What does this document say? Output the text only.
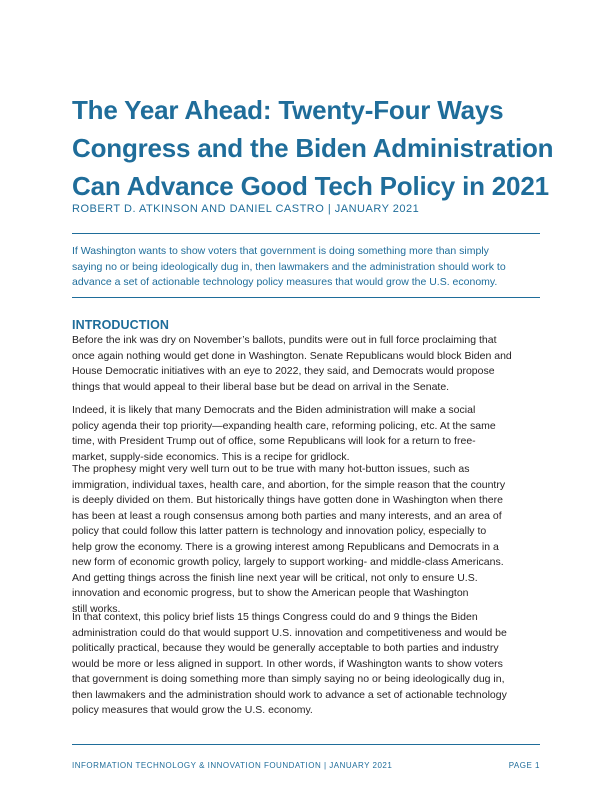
The Year Ahead: Twenty-Four Ways
Congress and the Biden Administration
Can Advance Good Tech Policy in 2021
ROBERT D. ATKINSON AND DANIEL CASTRO | JANUARY 2021
If Washington wants to show voters that government is doing something more than simply
saying no or being ideologically dug in, then lawmakers and the administration should work to
advance a set of actionable technology policy measures that would grow the U.S. economy.
INTRODUCTION
Before the ink was dry on November’s ballots, pundits were out in full force proclaiming that
once again nothing would get done in Washington. Senate Republicans would block Biden and
House Democratic initiatives with an eye to 2022, they said, and Democrats would propose
things that would appeal to their liberal base but be dead on arrival in the Senate.
Indeed, it is likely that many Democrats and the Biden administration will make a social
policy agenda their top priority—expanding health care, reforming policing, etc. At the same
time, with President Trump out of office, some Republicans will look for a return to free-
market, supply-side economics. This is a recipe for gridlock.
The prophesy might very well turn out to be true with many hot-button issues, such as
immigration, individual taxes, health care, and abortion, for the simple reason that the country
is deeply divided on them. But historically things have gotten done in Washington when there
has been at least a rough consensus among both parties and many interests, and an area of
policy that could follow this latter pattern is technology and innovation policy, especially to
help grow the economy. There is a growing interest among Republicans and Democrats in a
new form of economic growth policy, largely to support working- and middle-class Americans.
And getting things across the finish line next year will be critical, not only to ensure U.S.
innovation and economic progress, but to show the American people that Washington
still works.
In that context, this policy brief lists 15 things Congress could do and 9 things the Biden
administration could do that would support U.S. innovation and competitiveness and would be
politically practical, because they would be generally acceptable to both parties and industry
would be more or less aligned in support. In other words, if Washington wants to show voters
that government is doing something more than simply saying no or being ideologically dug in,
then lawmakers and the administration should work to advance a set of actionable technology
policy measures that would grow the U.S. economy.
INFORMATION TECHNOLOGY & INNOVATION FOUNDATION | JANUARY 2021	PAGE 1
